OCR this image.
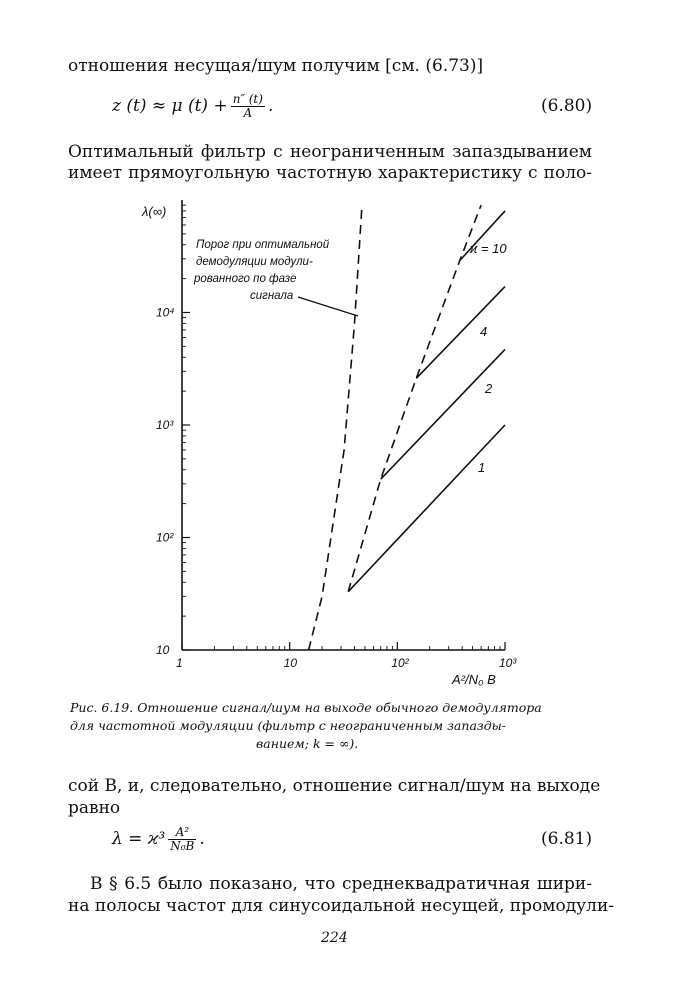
отношения несущая/шум получим [см. (6.73)]
z (t) ≈ μ $(t) + \frac{n'' (t)}{A}$ .	(6.80)
Оптимальный фильтр с неограниченным запаздыванием
имеет прямоугольную частотную характеристику с поло-
1	10	10²	10³
10
10²
10³
10⁴
λ(∞)
A²/N₀ B
1
2
4
ϰ = 10
Порог при оптимальной
демодуляции модули-
рованного по фазе
сигнала
Рис. 6.19. Отношение сигнал/шум на выходе обычного демодулятора
для частотной модуляции (фильтр с неограниченным запазды-
ванием; k = ∞).
сой B, и, следовательно, отношение сигнал/шум на выходе
равно
$\lambda = ϰ^3 \frac{\text{A²}}{\text{N₀B}}$ .	(6.81)
В § 6.5 было показано, что среднеквадратичная шири-
на полосы частот для синусоидальной несущей, промодули-
224
